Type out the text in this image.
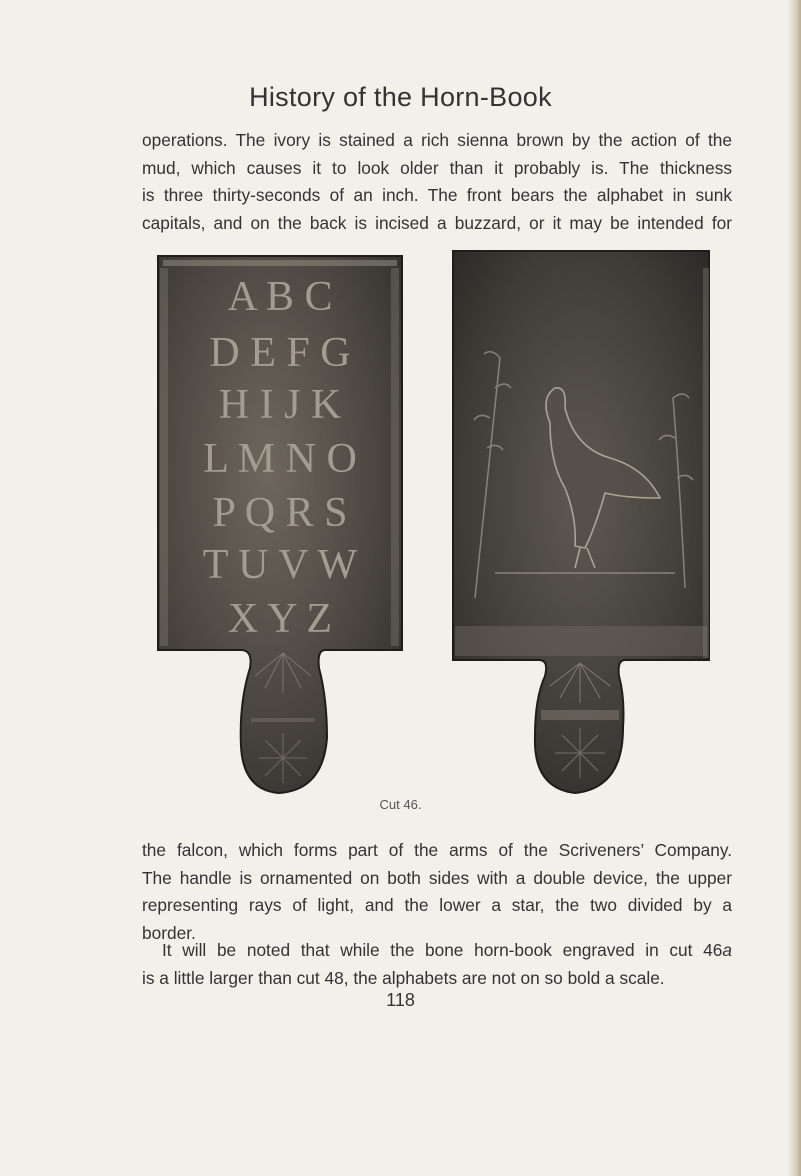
History of the Horn-Book
operations. The ivory is stained a rich sienna brown by the action of the
mud, which causes it to look older than it probably is. The thickness
is three thirty-seconds of an inch. The front bears the alphabet in sunk
capitals, and on the back is incised a buzzard, or it may be intended for
A B C
D E F G
H I J K
L M N O
P Q R S
T U V W
X Y Z
Cut 46.
the falcon, which forms part of the arms of the Scriveners’ Company.
The handle is ornamented on both sides with a double device, the upper
representing rays of light, and the lower a star, the two divided by a
border.
It will be noted that while the bone horn-book engraved in cut 46a
is a little larger than cut 48, the alphabets are not on so bold a scale.
118
